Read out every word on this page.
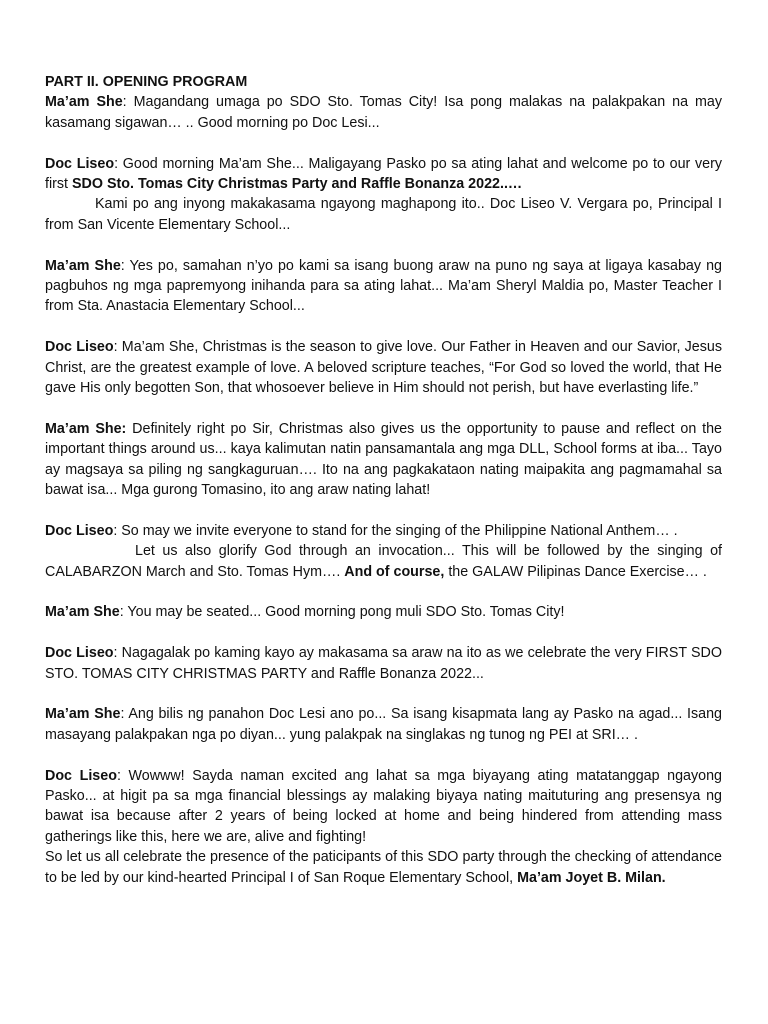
PART II. OPENING PROGRAM

Ma’am She: Magandang umaga po SDO Sto. Tomas City! Isa pong malakas na palakpakan na may kasamang sigawan… .. Good morning po Doc Lesi...

Doc Liseo: Good morning Ma’am She... Maligayang Pasko po sa ating lahat and welcome po to our very first SDO Sto. Tomas City Christmas Party and Raffle Bonanza 2022..…
Kami po ang inyong makakasama ngayong maghapong ito.. Doc Liseo V. Vergara po, Principal I from San Vicente Elementary School...

Ma’am She: Yes po, samahan n’yo po kami sa isang buong araw na puno ng saya at ligaya kasabay ng pagbuhos ng mga papremyong inihanda para sa ating lahat... Ma’am Sheryl Maldia po, Master Teacher I from Sta. Anastacia Elementary School...

Doc Liseo: Ma’am She, Christmas is the season to give love. Our Father in Heaven and our Savior, Jesus Christ, are the greatest example of love. A beloved scripture teaches, “For God so loved the world, that He gave His only begotten Son, that whosoever believe in Him should not perish, but have everlasting life.”

Ma’am She: Definitely right po Sir, Christmas also gives us the opportunity to pause and reflect on the important things around us... kaya kalimutan natin pansamantala ang mga DLL, School forms at iba... Tayo ay magsaya sa piling ng sangkaguruan…. Ito na ang pagkakataon nating maipakita ang pagmamahal sa bawat isa... Mga gurong Tomasino, ito ang araw nating lahat!

Doc Liseo: So may we invite everyone to stand for the singing of the Philippine National Anthem… .
Let us also glorify God through an invocation... This will be followed by the singing of CALABARZON March and Sto. Tomas Hym…. And of course, the GALAW Pilipinas Dance Exercise… .

Ma’am She: You may be seated... Good morning pong muli SDO Sto. Tomas City!

Doc Liseo: Nagagalak po kaming kayo ay makasama sa araw na ito as we celebrate the very FIRST SDO STO. TOMAS CITY CHRISTMAS PARTY and Raffle Bonanza 2022...

Ma’am She: Ang bilis ng panahon Doc Lesi ano po... Sa isang kisapmata lang ay Pasko na agad... Isang masayang palakpakan nga po diyan... yung palakpak na singlakas ng tunog ng PEI at SRI… .

Doc Liseo: Wowww! Sayda naman excited ang lahat sa mga biyayang ating matatanggap ngayong Pasko... at higit pa sa mga financial blessings ay malaking biyaya nating maituturing ang presensya ng bawat isa because after 2 years of being locked at home and being hindered from attending mass gatherings like this, here we are, alive and fighting!
So let us all celebrate the presence of the paticipants of this SDO party through the checking of attendance to be led by our kind-hearted Principal I of San Roque Elementary School, Ma’am Joyet B. Milan.
